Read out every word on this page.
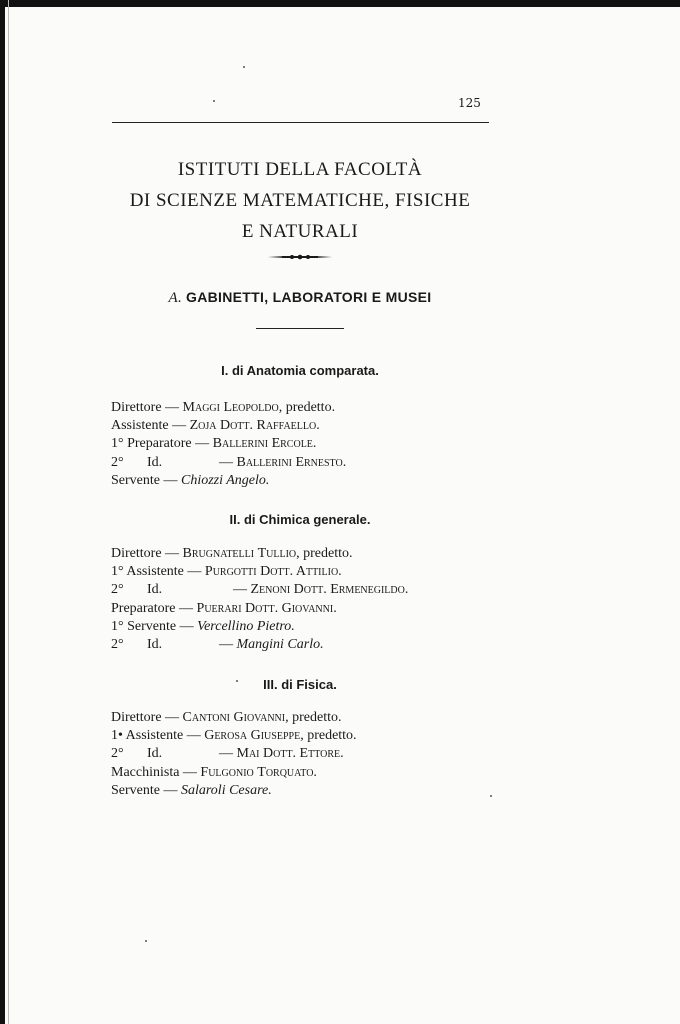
125
ISTITUTI DELLA FACOLTÀ
DI SCIENZE MATEMATICHE, FISICHE
E NATURALI
A. GABINETTI, LABORATORI E MUSEI
I. di Anatomia comparata.
Direttore — Maggi Leopoldo, predetto.
Assistente — Zoja Dott. Raffaello.
1° Preparatore — Ballerini Ercole.
2° Id.	— Ballerini Ernesto.
Servente — Chiozzi Angelo.
II. di Chimica generale.
Direttore — Brugnatelli Tullio, predetto.
1° Assistente — Purgotti Dott. Attilio.
2° Id.	— Zenoni Dott. Ermenegildo.
Preparatore — Puerari Dott. Giovanni.
1° Servente — Vercellino Pietro.
2° Id.	— Mangini Carlo.
III. di Fisica.
Direttore — Cantoni Giovanni, predetto.
1• Assistente — Gerosa Giuseppe, predetto.
2° Id.	— Mai Dott. Ettore.
Macchinista — Fulgonio Torquato.
Servente — Salaroli Cesare.
